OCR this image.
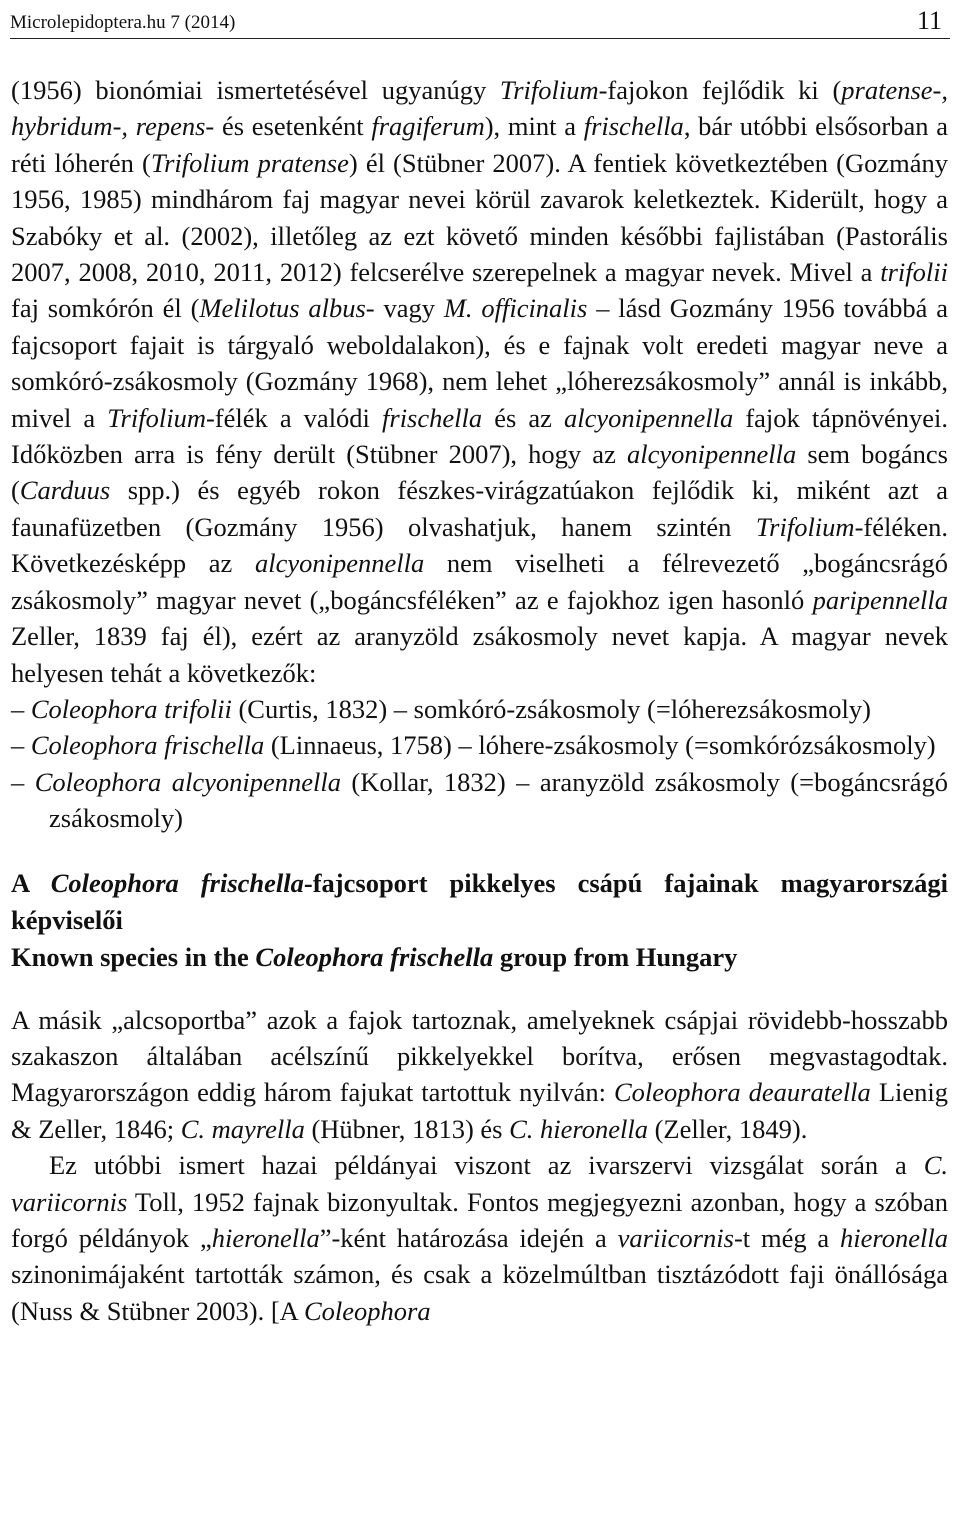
Microlepidoptera.hu 7 (2014)	11

(1956) bionómiai ismertetésével ugyanúgy Trifolium-fajokon fejlődik ki (pratense-, hybridum-, repens- és esetenként fragiferum), mint a frischella, bár utóbbi elsősorban a réti lóherén (Trifolium pratense) él (Stübner 2007). A fentiek következtében (Gozmány 1956, 1985) mindhárom faj magyar nevei körül zavarok keletkeztek. Kiderült, hogy a Szabóky et al. (2002), illetőleg az ezt követő minden későbbi fajlistában (Pastorális 2007, 2008, 2010, 2011, 2012) felcserélve szerepelnek a magyar nevek. Mivel a trifolii faj somkórón él (Melilotus albus- vagy M. officinalis – lásd Gozmány 1956 továbbá a fajcsoport fajait is tárgyaló weboldalakon), és e fajnak volt eredeti magyar neve a somkóró-zsákosmoly (Gozmány 1968), nem lehet „lóherezsákosmoly” annál is inkább, mivel a Trifolium-félék a valódi frischella és az alcyonipennella fajok tápnövényei. Időközben arra is fény derült (Stübner 2007), hogy az alcyonipennella sem bogáncs (Carduus spp.) és egyéb rokon fészkes-virágzatúakon fejlődik ki, miként azt a faunafüzetben (Gozmány 1956) olvashatjuk, hanem szintén Trifolium-féléken. Következésképp az alcyonipennella nem viselheti a félrevezető „bogáncsrágó zsákosmoly” magyar nevet („bogáncsféléken” az e fajokhoz igen hasonló paripennella Zeller, 1839 faj él), ezért az aranyzöld zsákosmoly nevet kapja. A magyar nevek helyesen tehát a következők:

– Coleophora trifolii (Curtis, 1832) – somkóró-zsákosmoly (=lóherezsákosmoly)
– Coleophora frischella (Linnaeus, 1758) – lóhere-zsákosmoly (=somkórózsákosmoly)
– Coleophora alcyonipennella (Kollar, 1832) – aranyzöld zsákosmoly (=bogáncsrágó zsákosmoly)
A Coleophora frischella-fajcsoport pikkelyes csápú fajainak magyarországi képviselői
Known species in the Coleophora frischella group from Hungary

A másik „alcsoportba” azok a fajok tartoznak, amelyeknek csápjai rövidebb-hosszabb szakaszon általában acélszínű pikkelyekkel borítva, erősen megvastagodtak. Magyarországon eddig három fajukat tartottuk nyilván: Coleophora deauratella Lienig & Zeller, 1846; C. mayrella (Hübner, 1813) és C. hieronella (Zeller, 1849).

Ez utóbbi ismert hazai példányai viszont az ivarszervi vizsgálat során a C. variicornis Toll, 1952 fajnak bizonyultak. Fontos megjegyezni azonban, hogy a szóban forgó példányok „hieronella”-ként határozása idején a variicornis-t még a hieronella szinonimájaként tartották számon, és csak a közelmúltban tisztázódott faji önállósága (Nuss & Stübner 2003). [A Coleophora
